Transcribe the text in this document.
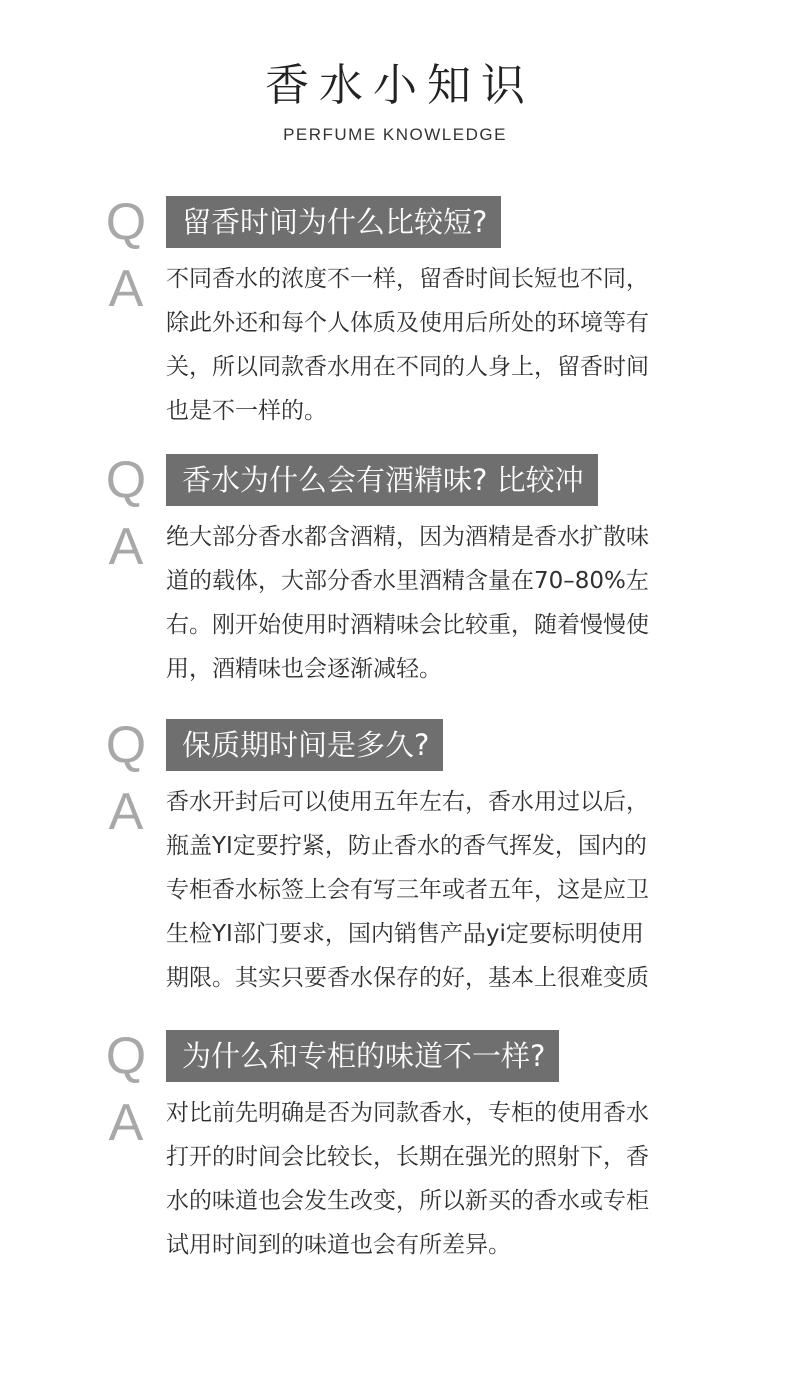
香水小知识
PERFUME KNOWLEDGE
Q	留香时间为什么比较短?
A 不同香水的浓度不一样，留香时间长短也不同，

除此外还和每个人体质及使用后所处的环境等有

关，所以同款香水用在不同的人身上，留香时间

也是不一样的。

Q	香水为什么会有酒精味? 比较冲
A 绝大部分香水都含酒精，因为酒精是香水扩散味

道的载体，大部分香水里酒精含量在70–80%左

右。刚开始使用时酒精味会比较重，随着慢慢使

用，酒精味也会逐渐减轻。

Q	保质期时间是多久?
A 香水开封后可以使用五年左右，香水用过以后，

瓶盖YI定要拧紧，防止香水的香气挥发，国内的

专柜香水标签上会有写三年或者五年，这是应卫

生检YI部门要求，国内销售产品yi定要标明使用

期限。其实只要香水保存的好，基本上很难变质

Q	为什么和专柜的味道不一样?
A 对比前先明确是否为同款香水，专柜的使用香水

打开的时间会比较长，长期在强光的照射下，香

水的味道也会发生改变，所以新买的香水或专柜

试用时间到的味道也会有所差异。
